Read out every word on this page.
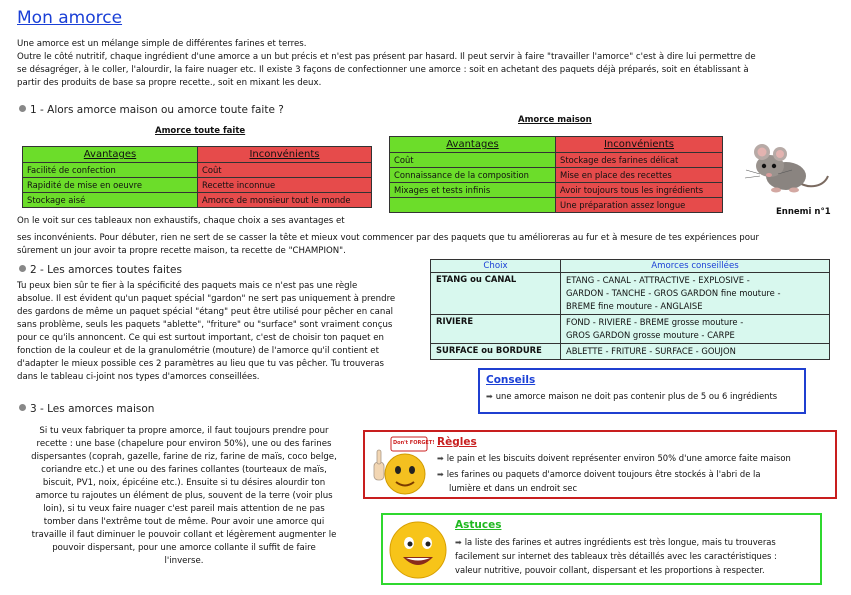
Mon amorce
Une amorce est un mélange simple de différentes farines et terres.
Outre le côté nutritif, chaque ingrédient d'une amorce a un but précis et n'est pas présent par hasard. Il peut servir à faire "travailler l'amorce" c'est à dire lui permettre de
se désagréger, à le coller, l'alourdir, la faire nuager etc. Il existe 3 façons de confectionner une amorce : soit en achetant des paquets déjà préparés, soit en établissant à
partir des produits de base sa propre recette., soit en mixant les deux.
1 - Alors amorce maison ou amorce toute faite ?
Amorce toute faite
Avantages	Inconvénients
Facilité de confection	Coût
Rapidité de mise en oeuvre	Recette inconnue
Stockage aisé	Amorce de monsieur tout le monde
Amorce maison
Avantages	Inconvénients
Coût	Stockage des farines délicat
Connaissance de la composition	Mise en place des recettes
Mixages et tests infinis	Avoir toujours tous les ingrédients
	Une préparation assez longue
Ennemi n°1
On le voit sur ces tableaux non exhaustifs, chaque choix a ses avantages et
ses inconvénients. Pour débuter, rien ne sert de se casser la tête et mieux vout commencer par des paquets que tu amélioreras au fur et à mesure de tes expériences pour
sûrement un jour avoir ta propre recette maison, ta recette de "CHAMPION".
2 - Les amorces toutes faites
Tu peux bien sûr te fier à la spécificité des paquets mais ce n'est pas une règle
absolue. Il est évident qu'un paquet spécial "gardon" ne sert pas uniquement à prendre
des gardons de même un paquet spécial "étang" peut être utilisé pour pêcher en canal
sans problème, seuls les paquets "ablette", "friture" ou "surface" sont vraiment conçus
pour ce qu'ils annoncent. Ce qui est surtout important, c'est de choisir ton paquet en
fonction de la couleur et de la granulométrie (mouture) de l'amorce qu'il contient et
d'adapter le mieux possible ces 2 paramètres au lieu que tu vas pêcher. Tu trouveras
dans le tableau ci-joint nos types d'amorces conseillées.
Choix	Amorces conseillées
ETANG ou CANAL	ETANG - CANAL - ATTRACTIVE - EXPLOSIVE -
GARDON - TANCHE - GROS GARDON fine mouture -
BREME fine mouture - ANGLAISE

RIVIERE	FOND - RIVIERE - BREME grosse mouture -
GROS GARDON grosse mouture - CARPE

SURFACE ou BORDURE	ABLETTE - FRITURE - SURFACE - GOUJON
Conseils
➡ une amorce maison ne doit pas contenir plus de 5 ou 6 ingrédients
3 - Les amorces maison
Si tu veux fabriquer ta propre amorce, il faut toujours prendre pour
recette : une base (chapelure pour environ 50%), une ou des farines
dispersantes (coprah, gazelle, farine de riz, farine de maïs, coco belge,
coriandre etc.) et une ou des farines collantes (tourteaux de maïs,
biscuit, PV1, noix, épicéine etc.). Ensuite si tu désires alourdir ton
amorce tu rajoutes un élément de plus, souvent de la terre (voir plus
loin), si tu veux faire nuager c'est pareil mais attention de ne pas
tomber dans l'extrême tout de même. Pour avoir une amorce qui
travaille il faut diminuer le pouvoir collant et légèrement augmenter le
pouvoir dispersant, pour une amorce collante il suffit de faire
l'inverse.
Don't FORGET! Règles
➡ le pain et les biscuits doivent représenter environ 50% d'une amorce faite maison
➡ les farines ou paquets d'amorce doivent toujours être stockés à l'abri de la
lumière et dans un endroit sec
Astuces
➡ la liste des farines et autres ingrédients est très longue, mais tu trouveras
facilement sur internet des tableaux très détaillés avec les caractéristiques :
valeur nutritive, pouvoir collant, dispersant et les proportions à respecter.
